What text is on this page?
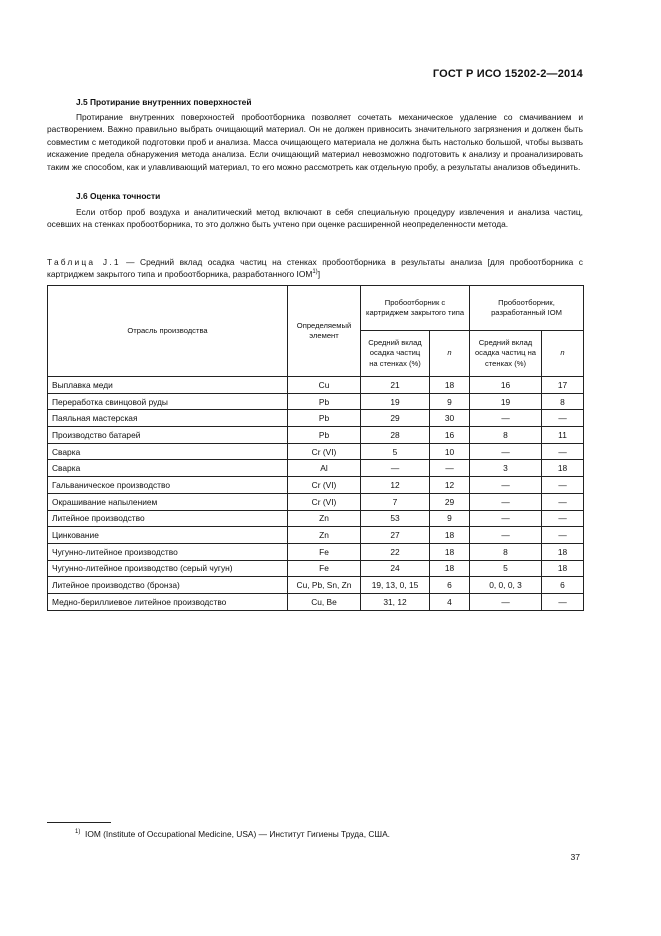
ГОСТ Р ИСО 15202-2—2014
J.5 Протирание внутренних поверхностей
Протирание внутренних поверхностей пробоотборника позволяет сочетать механическое удаление со смачиванием и растворением. Важно правильно выбрать очищающий материал. Он не должен привносить значительного загрязнения и должен быть совместим с методикой подготовки проб и анализа. Масса очищающего материала не должна быть настолько большой, чтобы вызвать искажение предела обнаружения метода анализа. Если очищающий материал невозможно подготовить к анализу и проанализировать таким же способом, как и улавливающий материал, то его можно рассмотреть как отдельную пробу, а результаты анализов объединить.
J.6 Оценка точности
Если отбор проб воздуха и аналитический метод включают в себя специальную процедуру извлечения и анализа частиц, осевших на стенках пробоотборника, то это должно быть учтено при оценке расширенной неопределенности метода.
Таблица J.1 — Средний вклад осадка частиц на стенках пробоотборника в результаты анализа [для пробоотборника с картриджем закрытого типа и пробоотборника, разработанного IOM$^{1)}$]
Отрасль производства	Определяемый элемент	Пробоотборник с картриджем закрытого типа		Пробоотборник, разработанный IOM	
		Средний вклад осадка частиц на стенках (%)	n	Средний вклад осадка частиц на стенках (%)	n
Выплавка меди	Cu	21	18	16	17
Переработка свинцовой руды	Pb	19	9	19	8
Паяльная мастерская	Pb	29	30	—	—
Производство батарей	Pb	28	16	8	11
Сварка	Cr (VI)	5	10	—	—
Сварка	Al	—	—	3	18
Гальваническое производство	Cr (VI)	12	12	—	—
Окрашивание напылением	Cr (VI)	7	29	—	—
Литейное производство	Zn	53	9	—	—
Цинкование	Zn	27	18	—	—
Чугунно-литейное производство	Fe	22	18	8	18
Чугунно-литейное производство (серый чугун)	Fe	24	18	5	18
Литейное производство (бронза)	Cu, Pb, Sn, Zn	19, 13, 0, 15	6	0, 0, 0, 3	6
Медно-бериллиевое литейное производство	Cu, Be	31, 12	4	—	—
$^{1)}$ IOM (Institute of Occupational Medicine, USA) — Институт Гигиены Труда, США.
37
